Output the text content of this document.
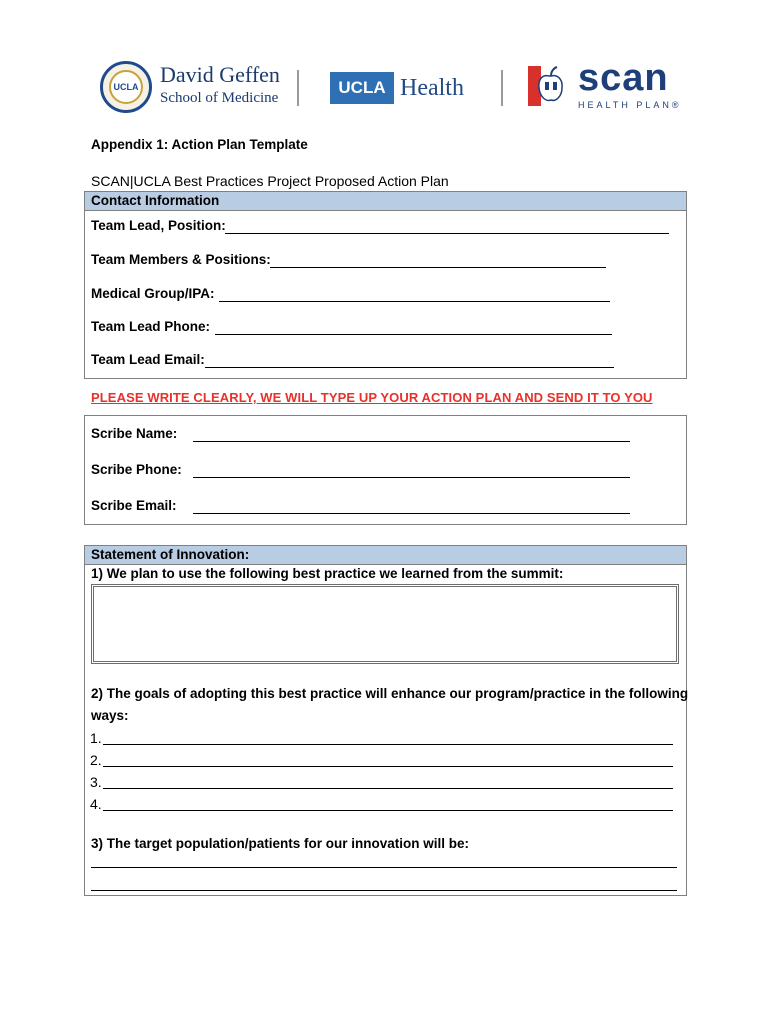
UCLA David Geffen
School of Medicine
UCLA Health	scan
HEALTH PLAN®
Appendix 1: Action Plan Template
SCAN|UCLA Best Practices Project Proposed Action Plan
Contact Information
Team Lead, Position:
Team Members & Positions:
Medical Group/IPA:
Team Lead Phone:
Team Lead Email:
PLEASE WRITE CLEARLY, WE WILL TYPE UP YOUR ACTION PLAN AND SEND IT TO YOU
Scribe Name:
Scribe Phone:
Scribe Email:
Statement of Innovation:
1) We plan to use the following best practice we learned from the summit:
2) The goals of adopting this best practice will enhance our program/practice in the following
ways:
1.
2.
3.
4.
3) The target population/patients for our innovation will be:
